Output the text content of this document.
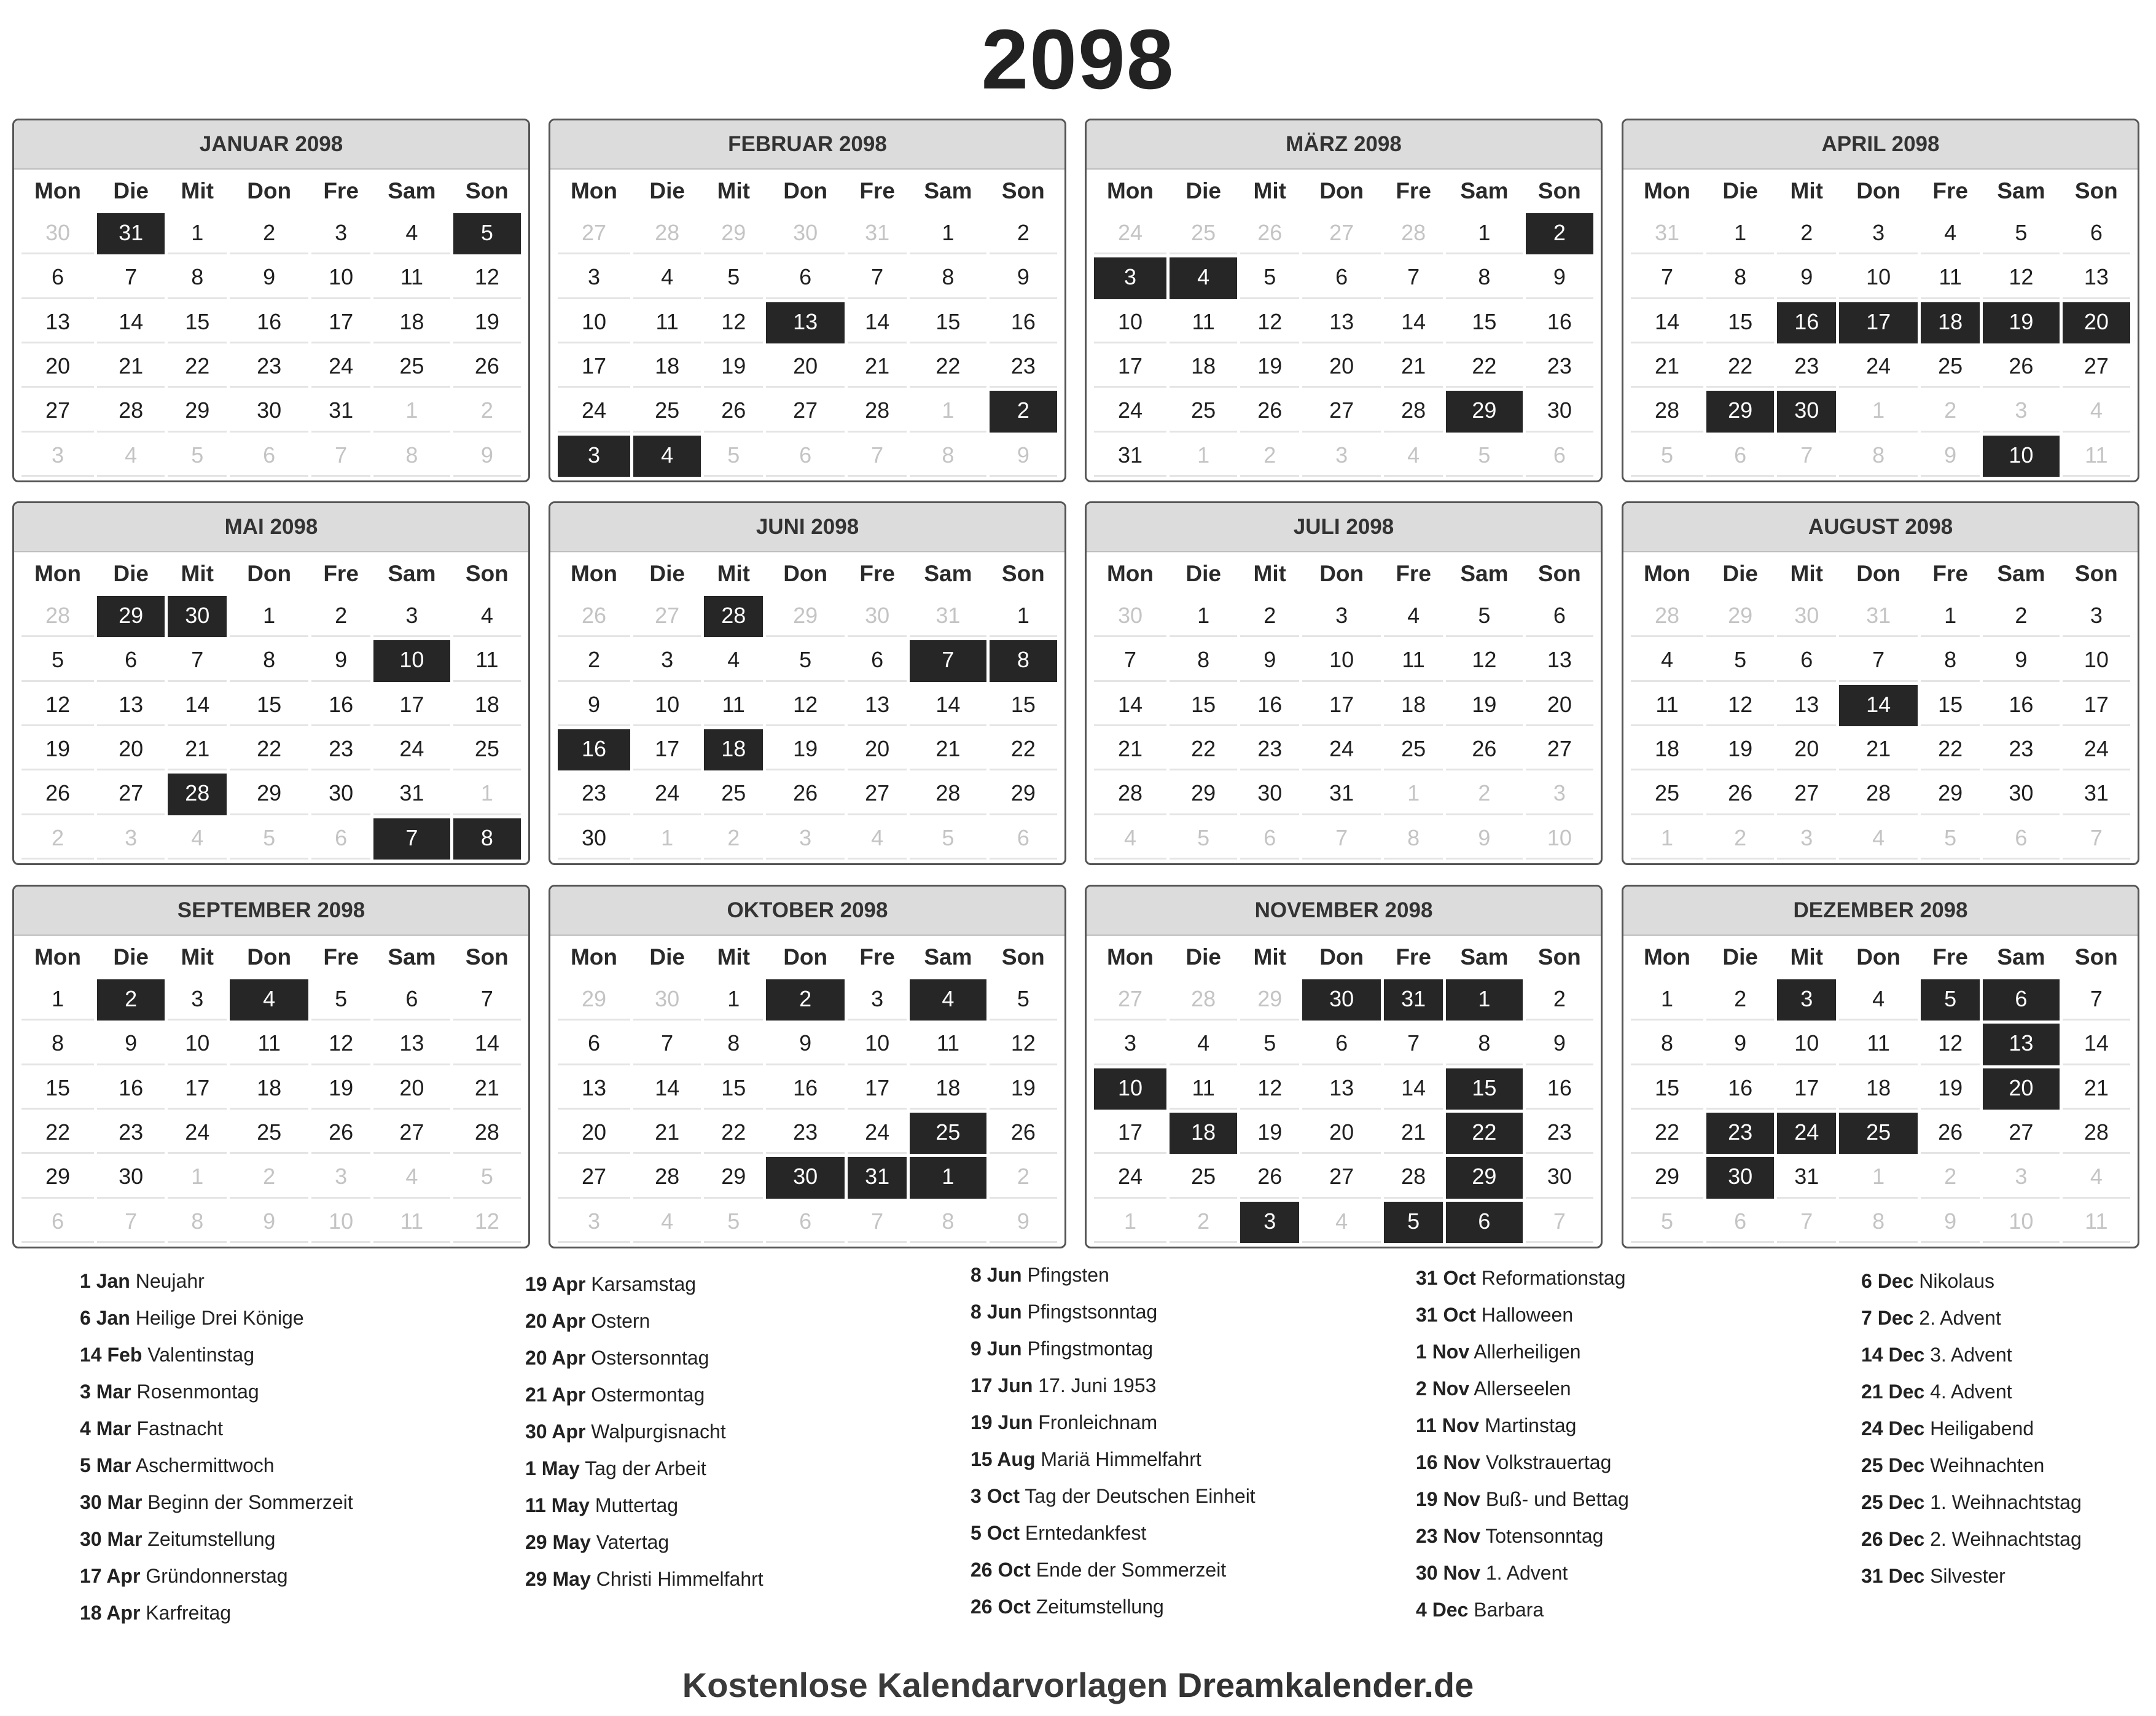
2098
JANUAR 2098
Mon	Die	Mit	Don	Fre	Sam	Son
30	31	1	2	3	4	5
6	7	8	9	10	11	12
13	14	15	16	17	18	19
20	21	22	23	24	25	26
27	28	29	30	31	1	2
3	4	5	6	7	8	9
FEBRUAR 2098
Mon	Die	Mit	Don	Fre	Sam	Son
27	28	29	30	31	1	2
3	4	5	6	7	8	9
10	11	12	13	14	15	16
17	18	19	20	21	22	23
24	25	26	27	28	1	2
3	4	5	6	7	8	9
MÄRZ 2098
Mon	Die	Mit	Don	Fre	Sam	Son
24	25	26	27	28	1	2
3	4	5	6	7	8	9
10	11	12	13	14	15	16
17	18	19	20	21	22	23
24	25	26	27	28	29	30
31	1	2	3	4	5	6
APRIL 2098
Mon	Die	Mit	Don	Fre	Sam	Son
31	1	2	3	4	5	6
7	8	9	10	11	12	13
14	15	16	17	18	19	20
21	22	23	24	25	26	27
28	29	30	1	2	3	4
5	6	7	8	9	10	11
MAI 2098
Mon	Die	Mit	Don	Fre	Sam	Son
28	29	30	1	2	3	4
5	6	7	8	9	10	11
12	13	14	15	16	17	18
19	20	21	22	23	24	25
26	27	28	29	30	31	1
2	3	4	5	6	7	8
JUNI 2098
Mon	Die	Mit	Don	Fre	Sam	Son
26	27	28	29	30	31	1
2	3	4	5	6	7	8
9	10	11	12	13	14	15
16	17	18	19	20	21	22
23	24	25	26	27	28	29
30	1	2	3	4	5	6
JULI 2098
Mon	Die	Mit	Don	Fre	Sam	Son
30	1	2	3	4	5	6
7	8	9	10	11	12	13
14	15	16	17	18	19	20
21	22	23	24	25	26	27
28	29	30	31	1	2	3
4	5	6	7	8	9	10
AUGUST 2098
Mon	Die	Mit	Don	Fre	Sam	Son
28	29	30	31	1	2	3
4	5	6	7	8	9	10
11	12	13	14	15	16	17
18	19	20	21	22	23	24
25	26	27	28	29	30	31
1	2	3	4	5	6	7
SEPTEMBER 2098
Mon	Die	Mit	Don	Fre	Sam	Son
1	2	3	4	5	6	7
8	9	10	11	12	13	14
15	16	17	18	19	20	21
22	23	24	25	26	27	28
29	30	1	2	3	4	5
6	7	8	9	10	11	12
OKTOBER 2098
Mon	Die	Mit	Don	Fre	Sam	Son
29	30	1	2	3	4	5
6	7	8	9	10	11	12
13	14	15	16	17	18	19
20	21	22	23	24	25	26
27	28	29	30	31	1	2
3	4	5	6	7	8	9
NOVEMBER 2098
Mon	Die	Mit	Don	Fre	Sam	Son
27	28	29	30	31	1	2
3	4	5	6	7	8	9
10	11	12	13	14	15	16
17	18	19	20	21	22	23
24	25	26	27	28	29	30
1	2	3	4	5	6	7
DEZEMBER 2098
Mon	Die	Mit	Don	Fre	Sam	Son
1	2	3	4	5	6	7
8	9	10	11	12	13	14
15	16	17	18	19	20	21
22	23	24	25	26	27	28
29	30	31	1	2	3	4
5	6	7	8	9	10	11
1 Jan Neujahr
6 Jan Heilige Drei Könige
14 Feb Valentinstag
3 Mar Rosenmontag
4 Mar Fastnacht
5 Mar Aschermittwoch
30 Mar Beginn der Sommerzeit
30 Mar Zeitumstellung
17 Apr Gründonnerstag
18 Apr Karfreitag
19 Apr Karsamstag
20 Apr Ostern
20 Apr Ostersonntag
21 Apr Ostermontag
30 Apr Walpurgisnacht
1 May Tag der Arbeit
11 May Muttertag
29 May Vatertag
29 May Christi Himmelfahrt
8 Jun Pfingsten
8 Jun Pfingstsonntag
9 Jun Pfingstmontag
17 Jun 17. Juni 1953
19 Jun Fronleichnam
15 Aug Mariä Himmelfahrt
3 Oct Tag der Deutschen Einheit
5 Oct Erntedankfest
26 Oct Ende der Sommerzeit
26 Oct Zeitumstellung
31 Oct Reformationstag
31 Oct Halloween
1 Nov Allerheiligen
2 Nov Allerseelen
11 Nov Martinstag
16 Nov Volkstrauertag
19 Nov Buß- und Bettag
23 Nov Totensonntag
30 Nov 1. Advent
4 Dec Barbara
6 Dec Nikolaus
7 Dec 2. Advent
14 Dec 3. Advent
21 Dec 4. Advent
24 Dec Heiligabend
25 Dec Weihnachten
25 Dec 1. Weihnachtstag
26 Dec 2. Weihnachtstag
31 Dec Silvester
Kostenlose Kalendarvorlagen Dreamkalender.de
